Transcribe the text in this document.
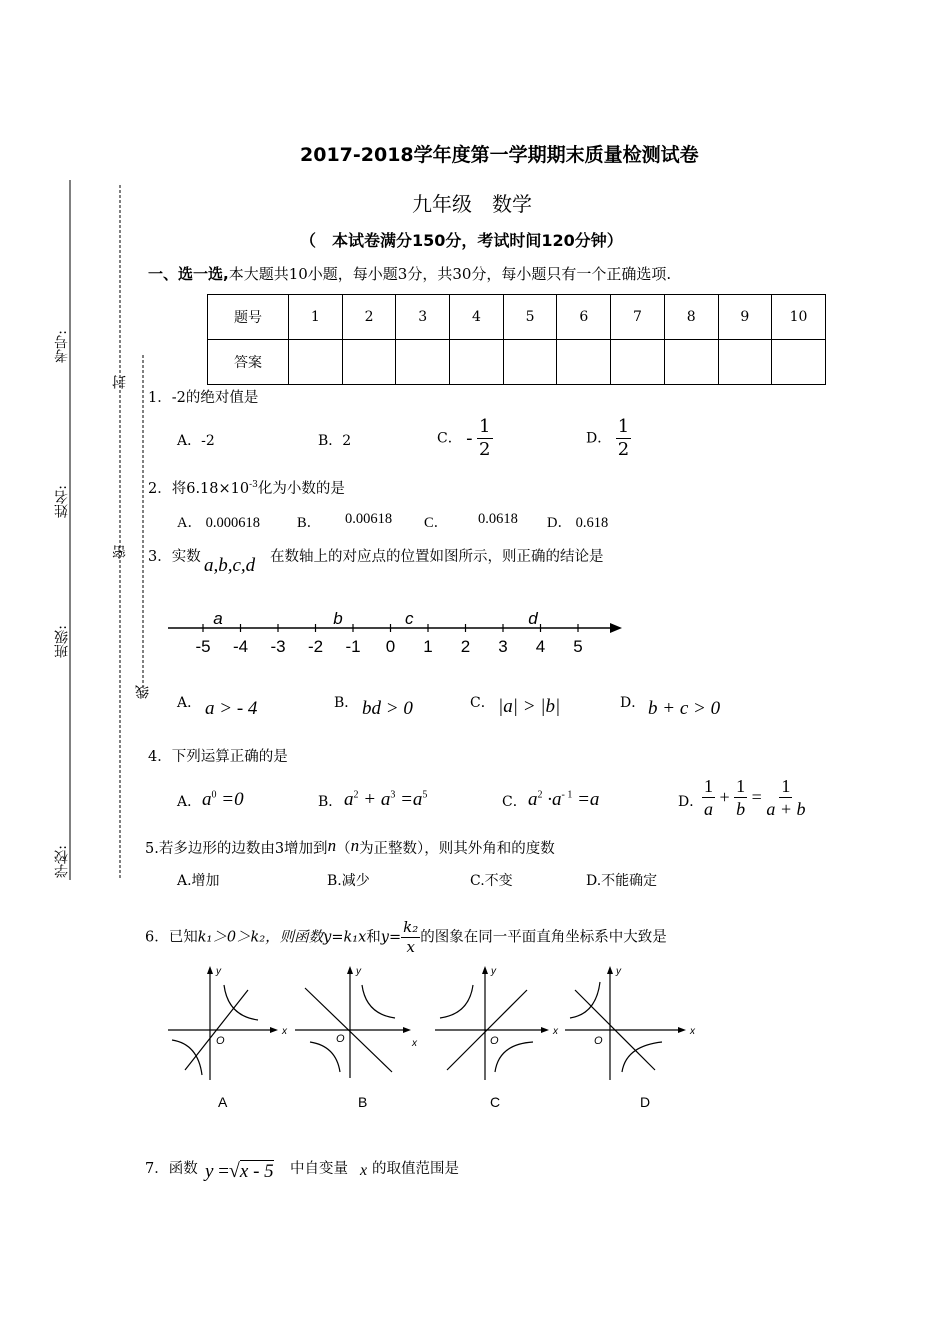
考号:
姓名:
班级:
学校:
封
密
线
2017-2018学年度第一学期期末质量检测试卷
九年级　数学
（　本试卷满分150分，考试时间120分钟）
一、选一选,本大题共10小题，每小题3分，共30分，每小题只有一个正确选项.
题号	1	2	3	4	5	6	7	8	9	10
答案										
1．-2的绝对值是
A．-2	B．2	C． - $\frac{1}{2}$	D． $\frac{1}{2}$
2．将$6.18\times 10^{-3}$化为小数的是
A． 0.000618	B． 0.00618 C． 0.0618 D． 0.618
3．实数 a,b,c,d 在数轴上的对应点的位置如图所示，则正确的结论是
-5 -4 -3 -2 -1 0 1 2 3 4 5
a	b	c	d
A． a > - 4	B． bd > 0	C． |a| > |b|	D． b + c > 0
4．下列运算正确的是
A． $a^0 =0$	B． $a^2 + a^3 =a^5$	C． $a^2 \cdot a^{- 1} =a$	D．
$\frac{1}{a} + \frac{1}{b} = \frac{1}{a + b}$
5.若多边形的边数由3增加到n（n为正整数），则其外角和的度数
A.增加	B.减少	C.不变	D.不能确定
6．已知k₁＞0＞k₂，则函数y=k₁x和$y= \frac{\text{k₂}}{x}$ 的图象在同一平面直角坐标系中大致是
x
y
O
A
x
y
O
B
x
y
O
C
x
y
O
D
7．函数 y =√x - 5 中自变量 x 的取值范围是
